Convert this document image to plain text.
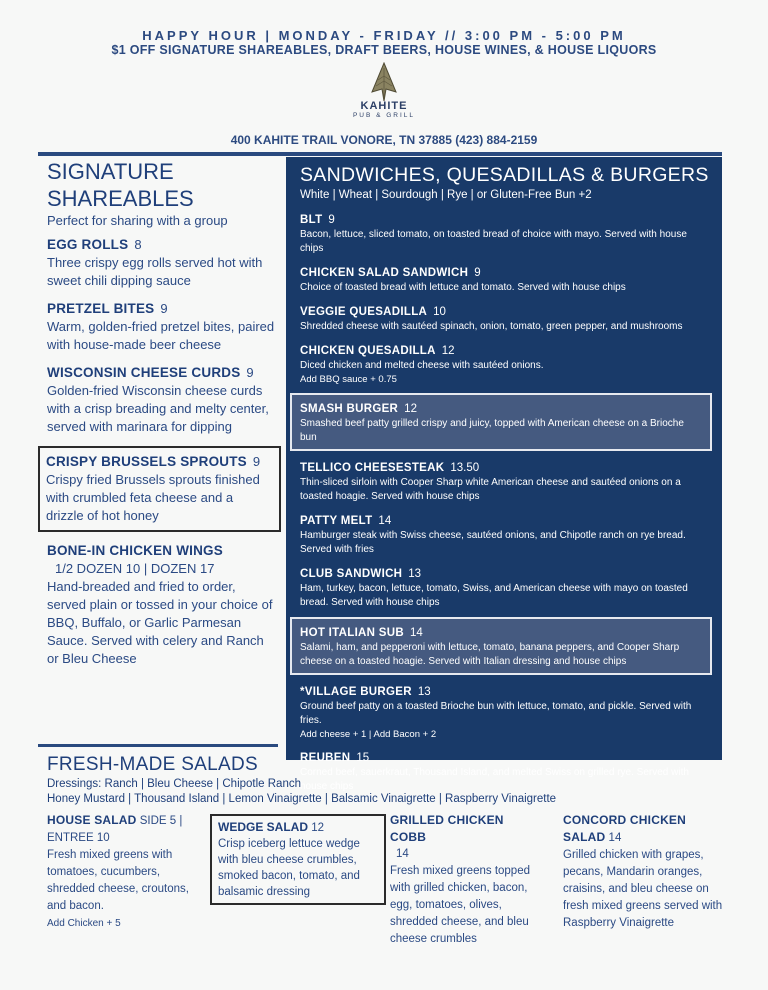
HAPPY HOUR | MONDAY - FRIDAY // 3:00 PM - 5:00 PM
$1 OFF SIGNATURE SHAREABLES, DRAFT BEERS, HOUSE WINES, & HOUSE LIQUORS
KAHITE
PUB & GRILL
400 KAHITE TRAIL VONORE, TN 37885 (423) 884-2159
SIGNATURE
SHAREABLES
Perfect for sharing with a group
EGG ROLLS 8
Three crispy egg rolls served hot with sweet chili dipping sauce
PRETZEL BITES 9
Warm, golden-fried pretzel bites, paired with house-made beer cheese
WISCONSIN CHEESE CURDS 9
Golden-fried Wisconsin cheese curds with a crisp breading and melty center, served with marinara for dipping
CRISPY BRUSSELS SPROUTS 9
Crispy fried Brussels sprouts finished with crumbled feta cheese and a drizzle of hot honey
BONE-IN CHICKEN WINGS
1/2 DOZEN 10 | DOZEN 17
Hand-breaded and fried to order, served plain or tossed in your choice of BBQ, Buffalo, or Garlic Parmesan Sauce. Served with celery and Ranch or Bleu Cheese
SANDWICHES, QUESADILLAS & BURGERS
White | Wheat | Sourdough | Rye | or Gluten-Free Bun +2
BLT 9
Bacon, lettuce, sliced tomato, on toasted bread of choice with mayo. Served with house chips
CHICKEN SALAD SANDWICH 9
Choice of toasted bread with lettuce and tomato. Served with house chips
VEGGIE QUESADILLA 10
Shredded cheese with sautéed spinach, onion, tomato, green pepper, and mushrooms
CHICKEN QUESADILLA 12
Diced chicken and melted cheese with sautéed onions.
Add BBQ sauce + 0.75
SMASH BURGER 12
Smashed beef patty grilled crispy and juicy, topped with American cheese on a Brioche bun
TELLICO CHEESESTEAK 13.50
Thin-sliced sirloin with Cooper Sharp white American cheese and sautéed onions on a toasted hoagie. Served with house chips
PATTY MELT 14
Hamburger steak with Swiss cheese, sautéed onions, and Chipotle ranch on rye bread. Served with fries
CLUB SANDWICH 13
Ham, turkey, bacon, lettuce, tomato, Swiss, and American cheese with mayo on toasted bread. Served with house chips
HOT ITALIAN SUB 14
Salami, ham, and pepperoni with lettuce, tomato, banana peppers, and Cooper Sharp cheese on a toasted hoagie. Served with Italian dressing and house chips
*VILLAGE BURGER 13
Ground beef patty on a toasted Brioche bun with lettuce, tomato, and pickle. Served with fries.
Add cheese + 1 | Add Bacon + 2
REUBEN 15
Corned beef, sauerkraut, Thousand Island, and melted Swiss on grilled rye. Served with house chips
FRESH-MADE SALADS
Dressings: Ranch | Bleu Cheese | Chipotle Ranch
Honey Mustard | Thousand Island | Lemon Vinaigrette | Balsamic Vinaigrette | Raspberry Vinaigrette
HOUSE SALAD SIDE 5 |
ENTREE 10
Fresh mixed greens with tomatoes, cucumbers, shredded cheese, croutons, and bacon.
Add Chicken + 5
WEDGE SALAD 12
Crisp iceberg lettuce wedge with bleu cheese crumbles, smoked bacon, tomato, and balsamic dressing
GRILLED CHICKEN COBB
14
Fresh mixed greens topped with grilled chicken, bacon, egg, tomatoes, olives, shredded cheese, and bleu cheese crumbles
CONCORD CHICKEN
SALAD 14
Grilled chicken with grapes, pecans, Mandarin oranges, craisins, and bleu cheese on fresh mixed greens served with Raspberry Vinaigrette
